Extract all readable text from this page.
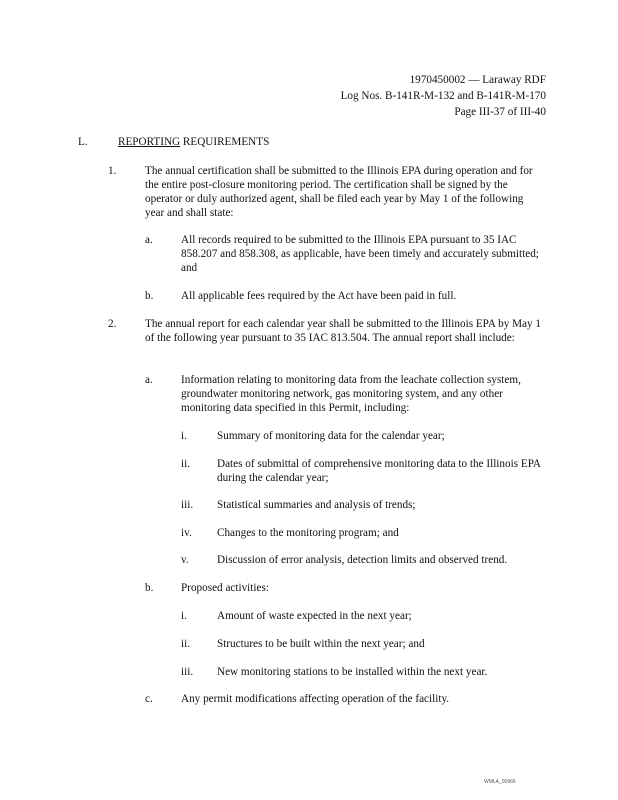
1970450002 — Laraway RDF
Log Nos. B-141R-M-132 and B-141R-M-170
Page III-37 of III-40
L.	REPORTING REQUIREMENTS
1.	The annual certification shall be submitted to the Illinois EPA during operation and for the entire post-closure monitoring period. The certification shall be signed by the operator or duly authorized agent, shall be filed each year by May 1 of the following year and shall state:
a.	All records required to be submitted to the Illinois EPA pursuant to 35 IAC 858.207 and 858.308, as applicable, have been timely and accurately submitted; and
b. All applicable fees required by the Act have been paid in full.
2.	The annual report for each calendar year shall be submitted to the Illinois EPA by May 1 of the following year pursuant to 35 IAC 813.504. The annual report shall include:
a.	Information relating to monitoring data from the leachate collection system, groundwater monitoring network, gas monitoring system, and any other monitoring data specified in this Permit, including:
i.	Summary of monitoring data for the calendar year;
ii. Dates of submittal of comprehensive monitoring data to the Illinois EPA during the calendar year;
iii. Statistical summaries and analysis of trends;
iv. Changes to the monitoring program; and
v.	Discussion of error analysis, detection limits and observed trend.
b. Proposed activities:
i.	Amount of waste expected in the next year;
ii. Structures to be built within the next year; and
iii. New monitoring stations to be installed within the next year.
c.	Any permit modifications affecting operation of the facility.
WMLA_00966
